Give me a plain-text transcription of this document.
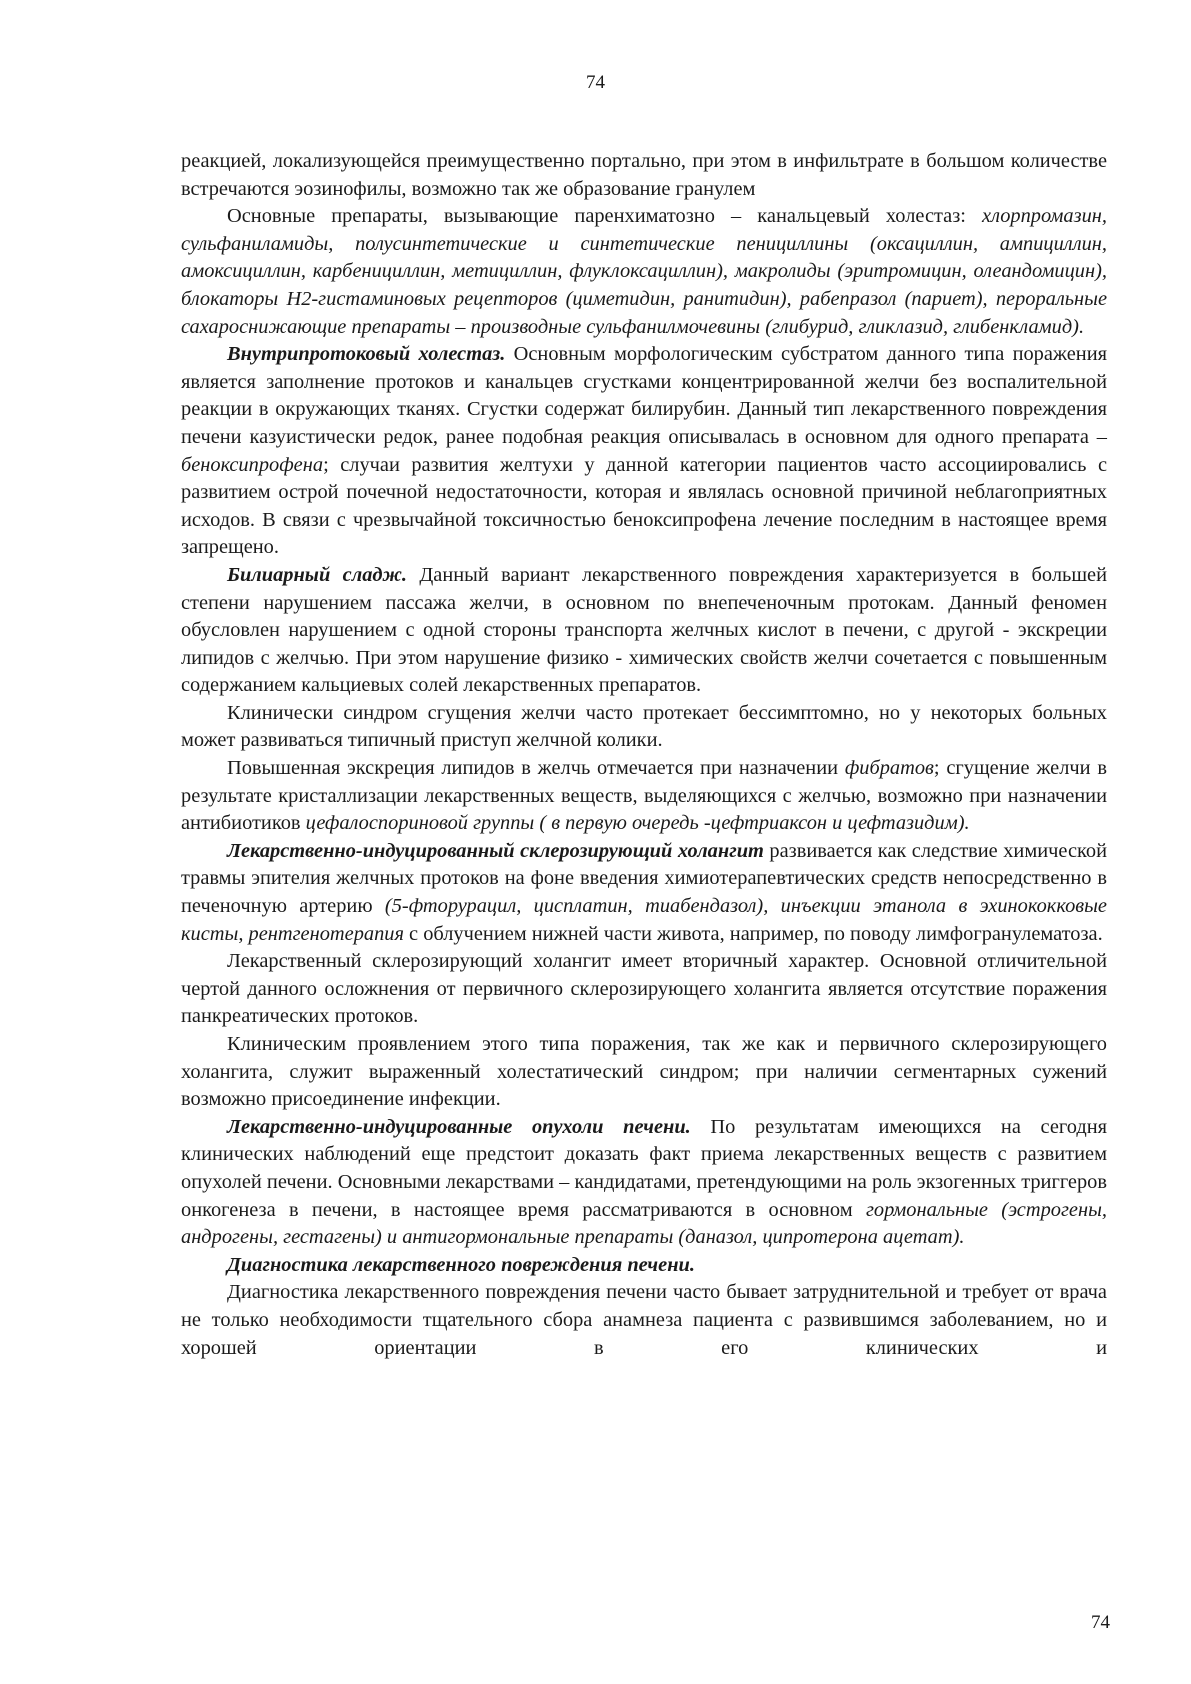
74

реакцией, локализующейся преимущественно портально, при этом в инфильтрате в большом количестве встречаются эозинофилы, возможно так же образование гранулем

Основные препараты, вызывающие паренхиматозно – канальцевый холестаз: хлорпромазин, сульфаниламиды, полусинтетические и синтетические пенициллины (оксациллин, ампициллин, амоксициллин, карбенициллин, метициллин, флуклоксациллин), макролиды (эритромицин, олеандомицин), блокаторы Н2-гистаминовых рецепторов (циметидин, ранитидин), рабепразол (париет), пероральные сахароснижающие препараты – производные сульфанилмочевины (глибурид, гликлазид, глибенкламид).

Внутрипротоковый холестаз. Основным морфологическим субстратом данного типа поражения является заполнение протоков и канальцев сгустками концентрированной желчи без воспалительной реакции в окружающих тканях. Сгустки содержат билирубин. Данный тип лекарственного повреждения печени казуистически редок, ранее подобная реакция описывалась в основном для одного препарата – беноксипрофена; случаи развития желтухи у данной категории пациентов часто ассоциировались с развитием острой почечной недостаточности, которая и являлась основной причиной неблагоприятных исходов. В связи с чрезвычайной токсичностью беноксипрофена лечение последним в настоящее время запрещено.

Билиарный сладж. Данный вариант лекарственного повреждения характеризуется в большей степени нарушением пассажа желчи, в основном по внепеченочным протокам. Данный феномен обусловлен нарушением с одной стороны транспорта желчных кислот в печени, с другой - экскреции липидов с желчью. При этом нарушение физико - химических свойств желчи сочетается с повышенным содержанием кальциевых солей лекарственных препаратов.

Клинически синдром сгущения желчи часто протекает бессимптомно, но у некоторых больных может развиваться типичный приступ желчной колики.

Повышенная экскреция липидов в желчь отмечается при назначении фибратов; сгущение желчи в результате кристаллизации лекарственных веществ, выделяющихся с желчью, возможно при назначении антибиотиков цефалоспориновой группы ( в первую очередь -цефтриаксон и цефтазидим).

Лекарственно-индуцированный склерозирующий холангит развивается как следствие химической травмы эпителия желчных протоков на фоне введения химиотерапевтических средств непосредственно в печеночную артерию (5-фторурацил, цисплатин, тиабендазол), инъекции этанола в эхинококковые кисты, рентгенотерапия с облучением нижней части живота, например, по поводу лимфогранулематоза.

Лекарственный склерозирующий холангит имеет вторичный характер. Основной отличительной чертой данного осложнения от первичного склерозирующего холангита является отсутствие поражения панкреатических протоков.

Клиническим проявлением этого типа поражения, так же как и первичного склерозирующего холангита, служит выраженный холестатический синдром; при наличии сегментарных сужений возможно присоединение инфекции.

Лекарственно-индуцированные опухоли печени. По результатам имеющихся на сегодня клинических наблюдений еще предстоит доказать факт приема лекарственных веществ с развитием опухолей печени. Основными лекарствами – кандидатами, претендующими на роль экзогенных триггеров онкогенеза в печени, в настоящее время рассматриваются в основном гормональные (эстрогены, андрогены, гестагены) и антигормональные препараты (даназол, ципротерона ацетат).

Диагностика лекарственного повреждения печени.

Диагностика лекарственного повреждения печени часто бывает затруднительной и требует от врача не только необходимости тщательного сбора анамнеза пациента с развившимся заболеванием, но и хорошей ориентации в его клинических и

74
